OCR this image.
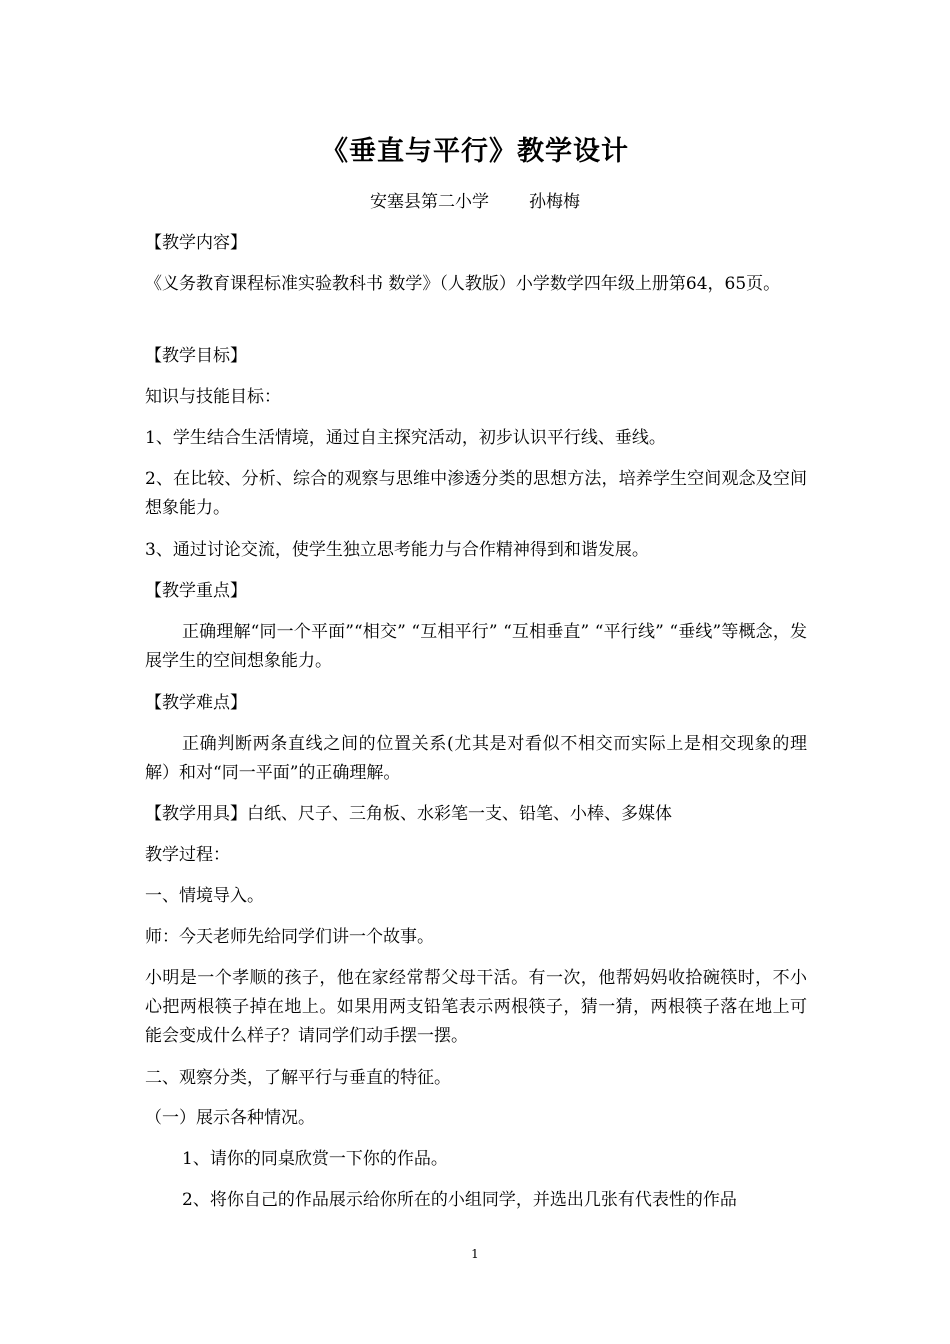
《垂直与平行》教学设计
安塞县第二小学 孙梅梅
【教学内容】
《义务教育课程标准实验教科书 数学》（人教版）小学数学四年级上册第64，65页。
【教学目标】
知识与技能目标：
1、学生结合生活情境，通过自主探究活动，初步认识平行线、垂线。
2、在比较、分析、综合的观察与思维中渗透分类的思想方法，培养学生空间观念及空间想象能力。
3、通过讨论交流，使学生独立思考能力与合作精神得到和谐发展。
【教学重点】
正确理解“同一个平面”“相交” “互相平行” “互相垂直” “平行线” “垂线”等概念，发展学生的空间想象能力。
【教学难点】
正确判断两条直线之间的位置关系(尤其是对看似不相交而实际上是相交现象的理解）和对“同一平面”的正确理解。
【教学用具】白纸、尺子、三角板、水彩笔一支、铅笔、小棒、多媒体
教学过程：
一、情境导入。
师：今天老师先给同学们讲一个故事。
小明是一个孝顺的孩子，他在家经常帮父母干活。有一次，他帮妈妈收拾碗筷时，不小心把两根筷子掉在地上。如果用两支铅笔表示两根筷子，猜一猜，两根筷子落在地上可能会变成什么样子？请同学们动手摆一摆。
二、观察分类，了解平行与垂直的特征。
（一）展示各种情况。
1、请你的同桌欣赏一下你的作品。
2、将你自己的作品展示给你所在的小组同学，并选出几张有代表性的作品
1
